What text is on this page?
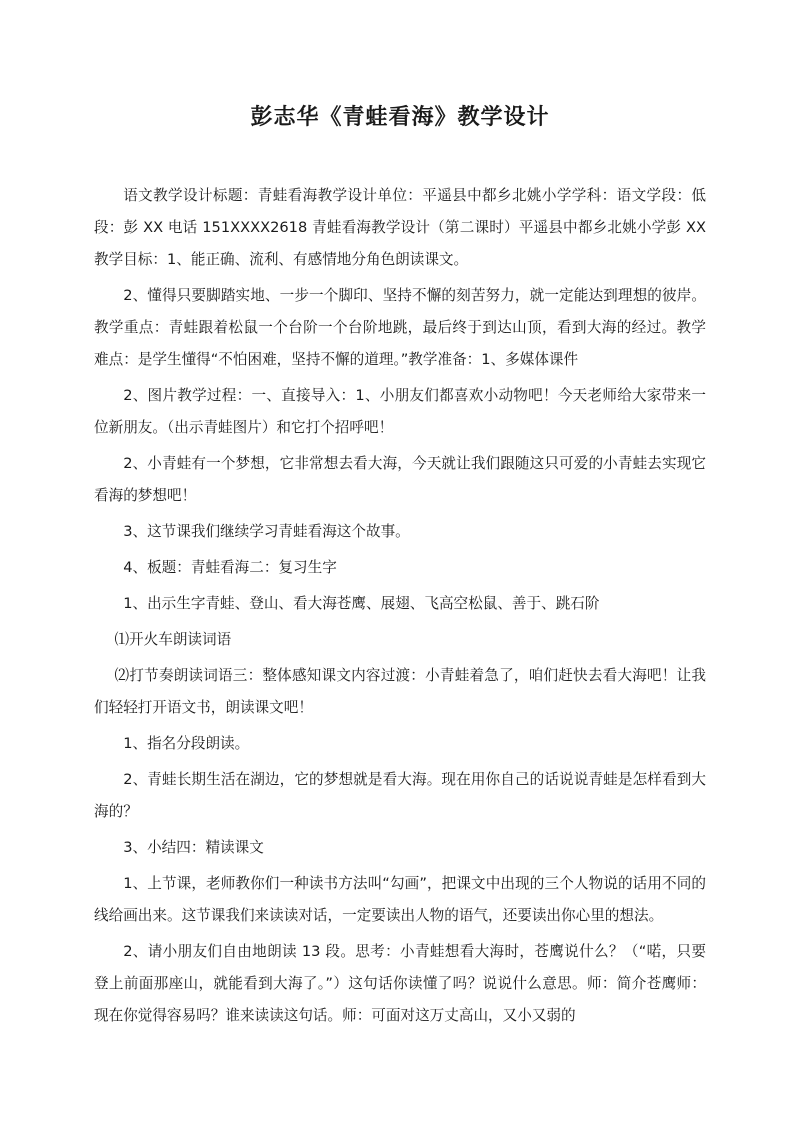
彭志华《青蛙看海》教学设计

语文教学设计标题：青蛙看海教学设计单位：平遥县中都乡北姚小学学科：语文学段：低段：彭 XX 电话 151XXXX2618 青蛙看海教学设计（第二课时）平遥县中都乡北姚小学彭 XX 教学目标：1、能正确、流利、有感情地分角色朗读课文。

2、懂得只要脚踏实地、一步一个脚印、坚持不懈的刻苦努力，就一定能达到理想的彼岸。教学重点：青蛙跟着松鼠一个台阶一个台阶地跳，最后终于到达山顶，看到大海的经过。教学难点：是学生懂得“不怕困难，坚持不懈的道理。”教学准备：1、多媒体课件

2、图片教学过程：一、直接导入：1、小朋友们都喜欢小动物吧！今天老师给大家带来一位新朋友。（出示青蛙图片）和它打个招呼吧！

2、小青蛙有一个梦想，它非常想去看大海，今天就让我们跟随这只可爱的小青蛙去实现它看海的梦想吧！

3、这节课我们继续学习青蛙看海这个故事。

4、板题：青蛙看海二：复习生字

1、出示生字青蛙、登山、看大海苍鹰、展翅、飞高空松鼠、善于、跳石阶

⑴开火车朗读词语

⑵打节奏朗读词语三：整体感知课文内容过渡：小青蛙着急了，咱们赶快去看大海吧！让我们轻轻打开语文书，朗读课文吧！

1、指名分段朗读。

2、青蛙长期生活在湖边，它的梦想就是看大海。现在用你自己的话说说青蛙是怎样看到大海的？

3、小结四：精读课文

1、上节课，老师教你们一种读书方法叫“勾画”，把课文中出现的三个人物说的话用不同的线给画出来。这节课我们来读读对话，一定要读出人物的语气，还要读出你心里的想法。

2、请小朋友们自由地朗读 13 段。思考：小青蛙想看大海时，苍鹰说什么？（“喏，只要登上前面那座山，就能看到大海了。”）这句话你读懂了吗？说说什么意思。师：简介苍鹰师：现在你觉得容易吗？谁来读读这句话。师：可面对这万丈高山，又小又弱的
